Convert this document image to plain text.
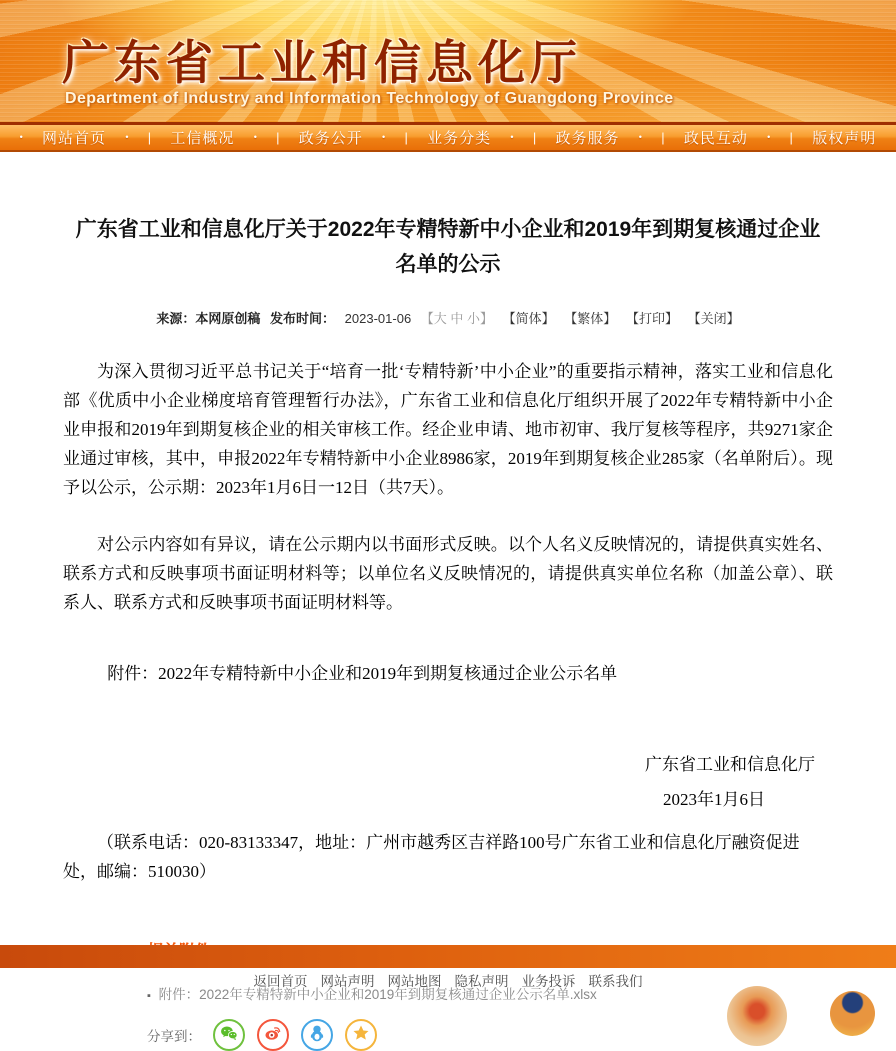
广东省工业和信息化厅
Department of Industry and Information Technology of Guangdong Province
• 网站首页 • | 工信概况 • | 政务公开 • | 业务分类 • | 政务服务 • | 政民互动 • | 版权声明
广东省工业和信息化厅关于2022年专精特新中小企业和2019年到期复核通过企业名单的公示
来源：本网原创稿 发布时间： 2023-01-06 【大 中 小】 【简体】 【繁体】 【打印】 【关闭】

为深入贯彻习近平总书记关于“培育一批‘专精特新’中小企业”的重要指示精神，落实工业和信息化部《优质中小企业梯度培育管理暂行办法》，广东省工业和信息化厅组织开展了2022年专精特新中小企业申报和2019年到期复核企业的相关审核工作。经企业申请、地市初审、我厅复核等程序，共9271家企业通过审核，其中，申报2022年专精特新中小企业8986家，2019年到期复核企业285家（名单附后）。现予以公示，公示期：2023年1月6日一12日（共7天）。

对公示内容如有异议，请在公示期内以书面形式反映。以个人名义反映情况的，请提供真实姓名、联系方式和反映事项书面证明材料等；以单位名义反映情况的，请提供真实单位名称（加盖公章）、联系人、联系方式和反映事项书面证明材料等。

附件：2022年专精特新中小企业和2019年到期复核通过企业公示名单

广东省工业和信息化厅

2023年1月6日

（联系电话：020-83133347，地址：广州市越秀区吉祥路100号广东省工业和信息化厅融资促进处，邮编：510030）

▪ 附件：2022年专精特新中小企业和2019年到期复核通过企业公示名单.xlsx
分享到：
返回首页 网站声明 网站地图 隐私声明 业务投诉 联系我们
